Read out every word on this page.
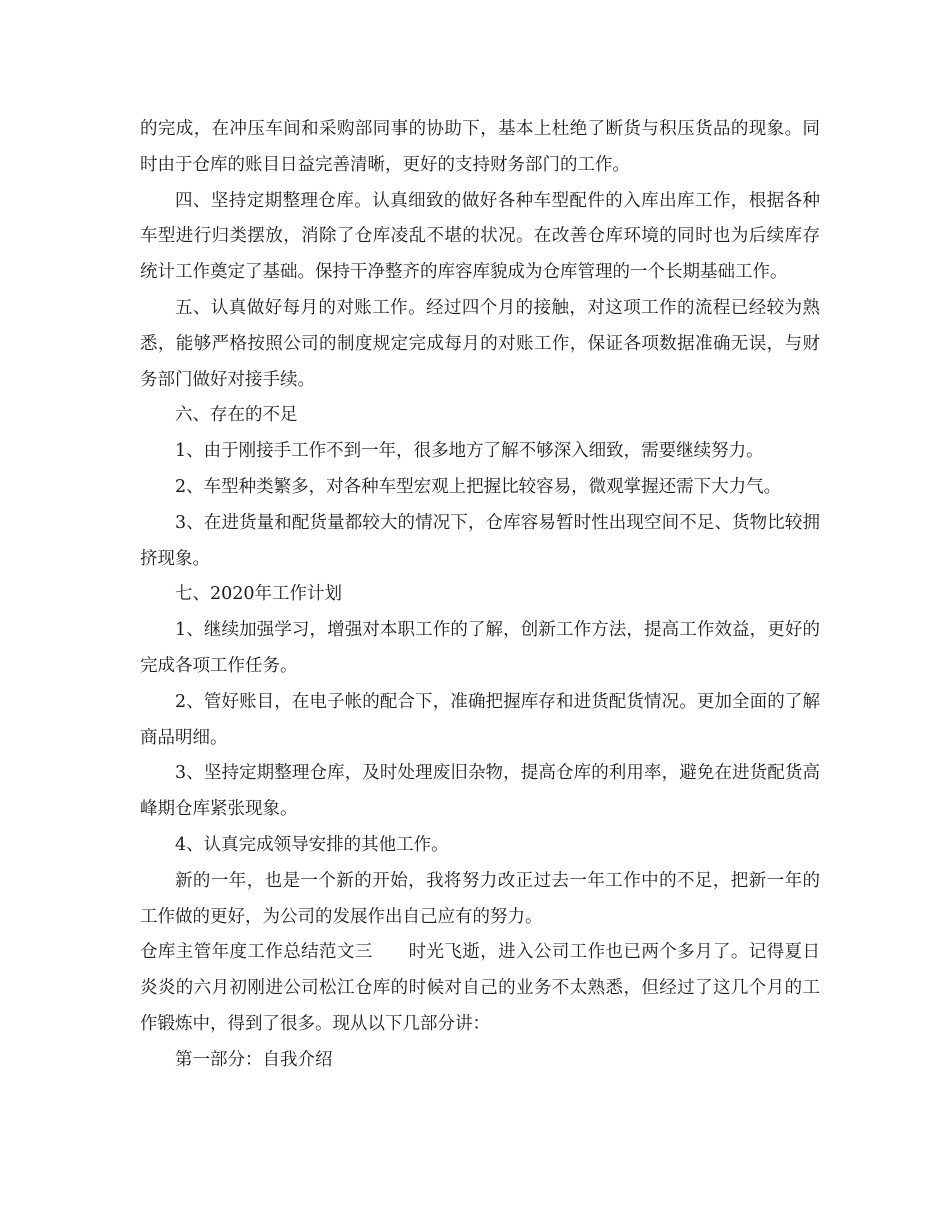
的完成，在冲压车间和采购部同事的协助下，基本上杜绝了断货与积压货品的现象。同时由于仓库的账目日益完善清晰，更好的支持财务部门的工作。

四、坚持定期整理仓库。认真细致的做好各种车型配件的入库出库工作，根据各种车型进行归类摆放，消除了仓库凌乱不堪的状况。在改善仓库环境的同时也为后续库存统计工作奠定了基础。保持干净整齐的库容库貌成为仓库管理的一个长期基础工作。

五、认真做好每月的对账工作。经过四个月的接触，对这项工作的流程已经较为熟悉，能够严格按照公司的制度规定完成每月的对账工作，保证各项数据准确无误，与财务部门做好对接手续。

六、存在的不足

1、由于刚接手工作不到一年，很多地方了解不够深入细致，需要继续努力。

2、车型种类繁多，对各种车型宏观上把握比较容易，微观掌握还需下大力气。

3、在进货量和配货量都较大的情况下，仓库容易暂时性出现空间不足、货物比较拥挤现象。

七、2020年工作计划

1、继续加强学习，增强对本职工作的了解，创新工作方法，提高工作效益，更好的完成各项工作任务。

2、管好账目，在电子帐的配合下，准确把握库存和进货配货情况。更加全面的了解商品明细。

3、坚持定期整理仓库，及时处理废旧杂物，提高仓库的利用率，避免在进货配货高峰期仓库紧张现象。

4、认真完成领导安排的其他工作。

新的一年，也是一个新的开始，我将努力改正过去一年工作中的不足，把新一年的工作做的更好，为公司的发展作出自己应有的努力。

仓库主管年度工作总结范文三　　时光飞逝，进入公司工作也已两个多月了。记得夏日炎炎的六月初刚进公司松江仓库的时候对自己的业务不太熟悉，但经过了这几个月的工作锻炼中，得到了很多。现从以下几部分讲：

第一部分：自我介绍
